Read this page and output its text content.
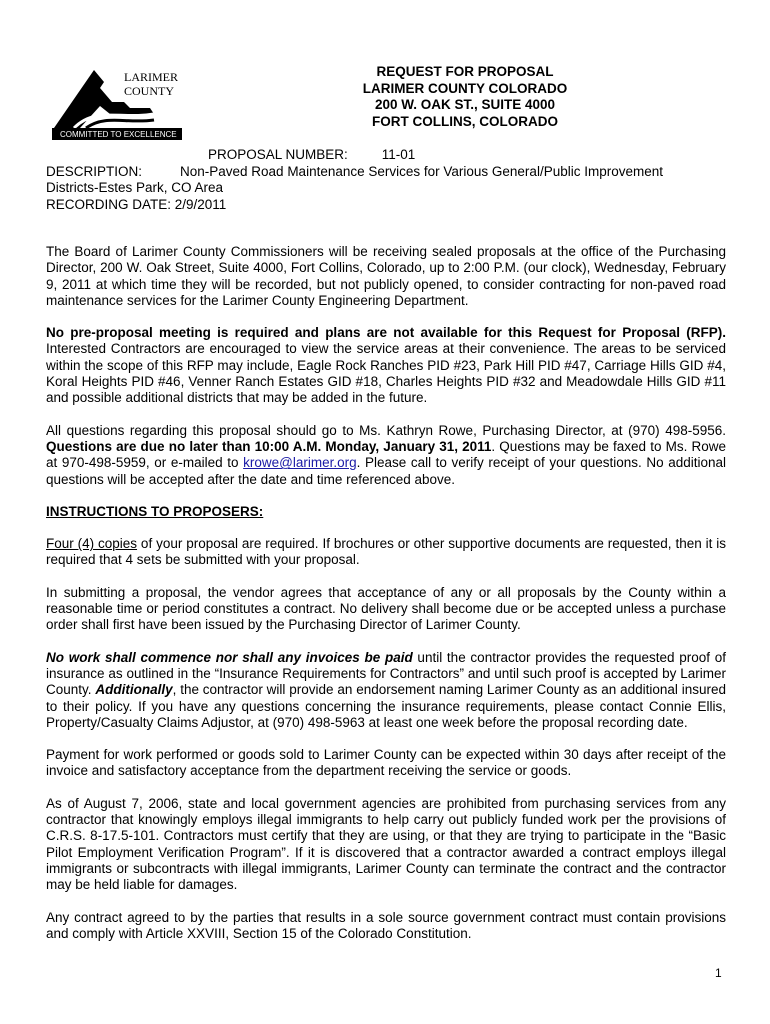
LARIMER
COUNTY
COMMITTED TO EXCELLENCE
REQUEST FOR PROPOSAL
LARIMER COUNTY COLORADO
200 W. OAK ST., SUITE 4000
FORT COLLINS, COLORADO
PROPOSAL NUMBER:	11-01
DESCRIPTION:	Non-Paved Road Maintenance Services for Various General/Public Improvement
Districts-Estes Park, CO Area
RECORDING DATE: 2/9/2011

The Board of Larimer County Commissioners will be receiving sealed proposals at the office of the Purchasing Director, 200 W. Oak Street, Suite 4000, Fort Collins, Colorado, up to 2:00 P.M. (our clock), Wednesday, February 9, 2011 at which time they will be recorded, but not publicly opened, to consider contracting for non-paved road maintenance services for the Larimer County Engineering Department.

No pre-proposal meeting is required and plans are not available for this Request for Proposal (RFP). Interested Contractors are encouraged to view the service areas at their convenience. The areas to be serviced within the scope of this RFP may include, Eagle Rock Ranches PID #23, Park Hill PID #47, Carriage Hills GID #4, Koral Heights PID #46, Venner Ranch Estates GID #18, Charles Heights PID #32 and Meadowdale Hills GID #11 and possible additional districts that may be added in the future.

All questions regarding this proposal should go to Ms. Kathryn Rowe, Purchasing Director, at (970) 498-5956. Questions are due no later than 10:00 A.M. Monday, January 31, 2011. Questions may be faxed to Ms. Rowe at 970-498-5959, or e-mailed to krowe@larimer.org. Please call to verify receipt of your questions. No additional questions will be accepted after the date and time referenced above.

INSTRUCTIONS TO PROPOSERS:

Four (4) copies of your proposal are required. If brochures or other supportive documents are requested, then it is required that 4 sets be submitted with your proposal.

In submitting a proposal, the vendor agrees that acceptance of any or all proposals by the County within a reasonable time or period constitutes a contract. No delivery shall become due or be accepted unless a purchase order shall first have been issued by the Purchasing Director of Larimer County.

No work shall commence nor shall any invoices be paid until the contractor provides the requested proof of insurance as outlined in the “Insurance Requirements for Contractors” and until such proof is accepted by Larimer County. Additionally, the contractor will provide an endorsement naming Larimer County as an additional insured to their policy. If you have any questions concerning the insurance requirements, please contact Connie Ellis, Property/Casualty Claims Adjustor, at (970) 498-5963 at least one week before the proposal recording date.

Payment for work performed or goods sold to Larimer County can be expected within 30 days after receipt of the invoice and satisfactory acceptance from the department receiving the service or goods.

As of August 7, 2006, state and local government agencies are prohibited from purchasing services from any contractor that knowingly employs illegal immigrants to help carry out publicly funded work per the provisions of C.R.S. 8-17.5-101. Contractors must certify that they are using, or that they are trying to participate in the “Basic Pilot Employment Verification Program”. If it is discovered that a contractor awarded a contract employs illegal immigrants or subcontracts with illegal immigrants, Larimer County can terminate the contract and the contractor may be held liable for damages.

Any contract agreed to by the parties that results in a sole source government contract must contain provisions and comply with Article XXVIII, Section 15 of the Colorado Constitution.

1
